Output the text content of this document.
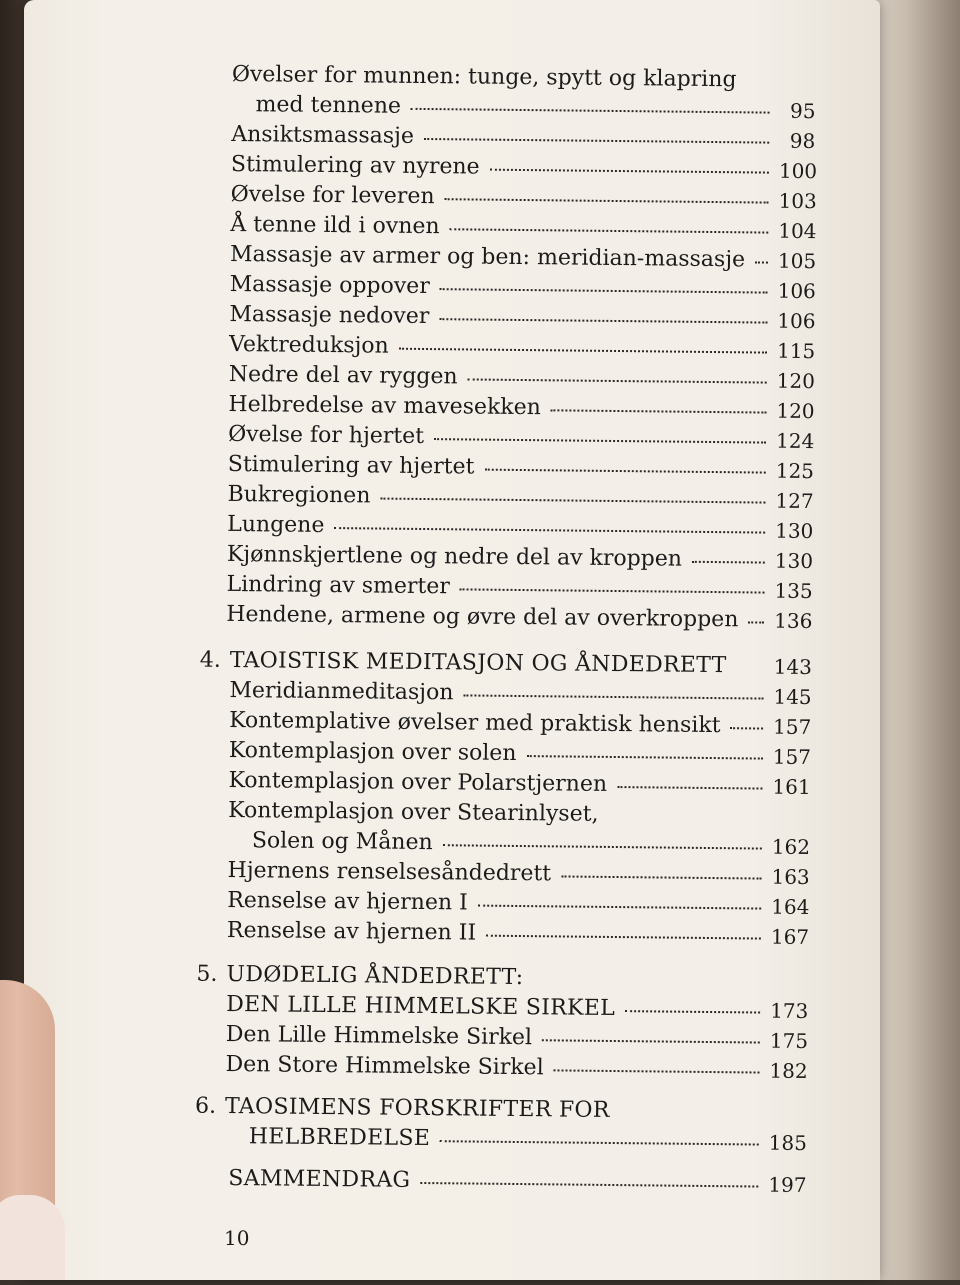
Øvelser for munnen: tunge, spytt og klapring
med tennene	95
Ansiktsmassasje	98
Stimulering av nyrene	100
Øvelse for leveren	103
Å tenne ild i ovnen	104
Massasje av armer og ben: meridian-massasje 105
Massasje oppover	106
Massasje nedover	106
Vektreduksjon	115
Nedre del av ryggen	120
Helbredelse av mavesekken	120
Øvelse for hjertet	124
Stimulering av hjertet	125
Bukregionen	127
Lungene	130
Kjønnskjertlene og nedre del av kroppen	130
Lindring av smerter	135
Hendene, armene og øvre del av overkroppen 136
4. TAOISTISK MEDITASJON OG ÅNDEDRETT 143
Meridianmeditasjon	145
Kontemplative øvelser med praktisk hensikt	157
Kontemplasjon over solen	157
Kontemplasjon over Polarstjernen	161
Kontemplasjon over Stearinlyset,
Solen og Månen	162
Hjernens renselsesåndedrett	163
Renselse av hjernen I	164
Renselse av hjernen II	167
5. UDØDELIG ÅNDEDRETT:
DEN LILLE HIMMELSKE SIRKEL	173
Den Lille Himmelske Sirkel	175
Den Store Himmelske Sirkel	182
6. TAOSIMENS FORSKRIFTER FOR
HELBREDELSE	185
SAMMENDRAG	197
10
